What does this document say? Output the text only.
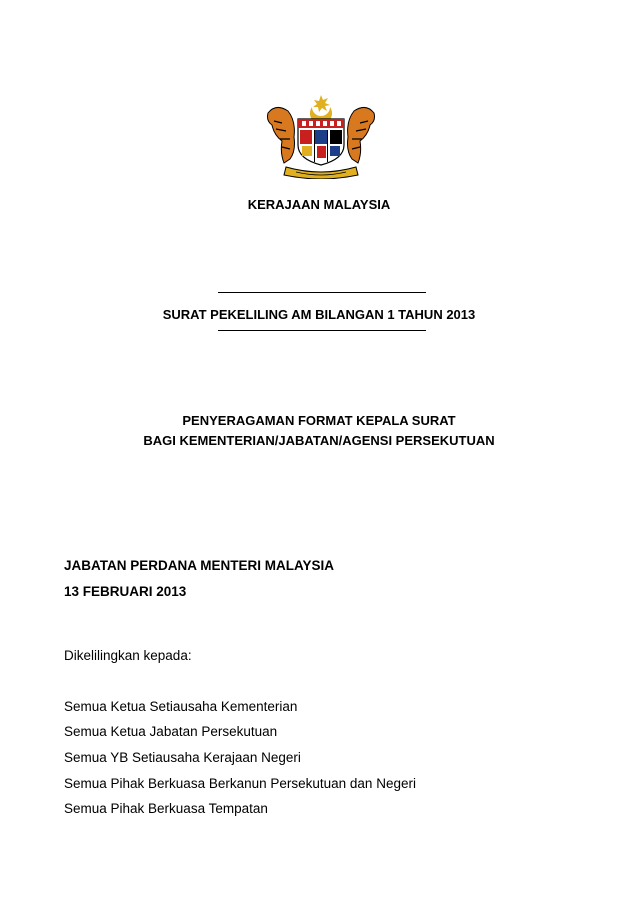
KERAJAAN MALAYSIA
SURAT PEKELILING AM BILANGAN 1 TAHUN 2013
PENYERAGAMAN FORMAT KEPALA SURAT
BAGI KEMENTERIAN/JABATAN/AGENSI PERSEKUTUAN
JABATAN PERDANA MENTERI MALAYSIA
13 FEBRUARI 2013
Dikelilingkan kepada:
Semua Ketua Setiausaha Kementerian
Semua Ketua Jabatan Persekutuan
Semua YB Setiausaha Kerajaan Negeri
Semua Pihak Berkuasa Berkanun Persekutuan dan Negeri
Semua Pihak Berkuasa Tempatan
